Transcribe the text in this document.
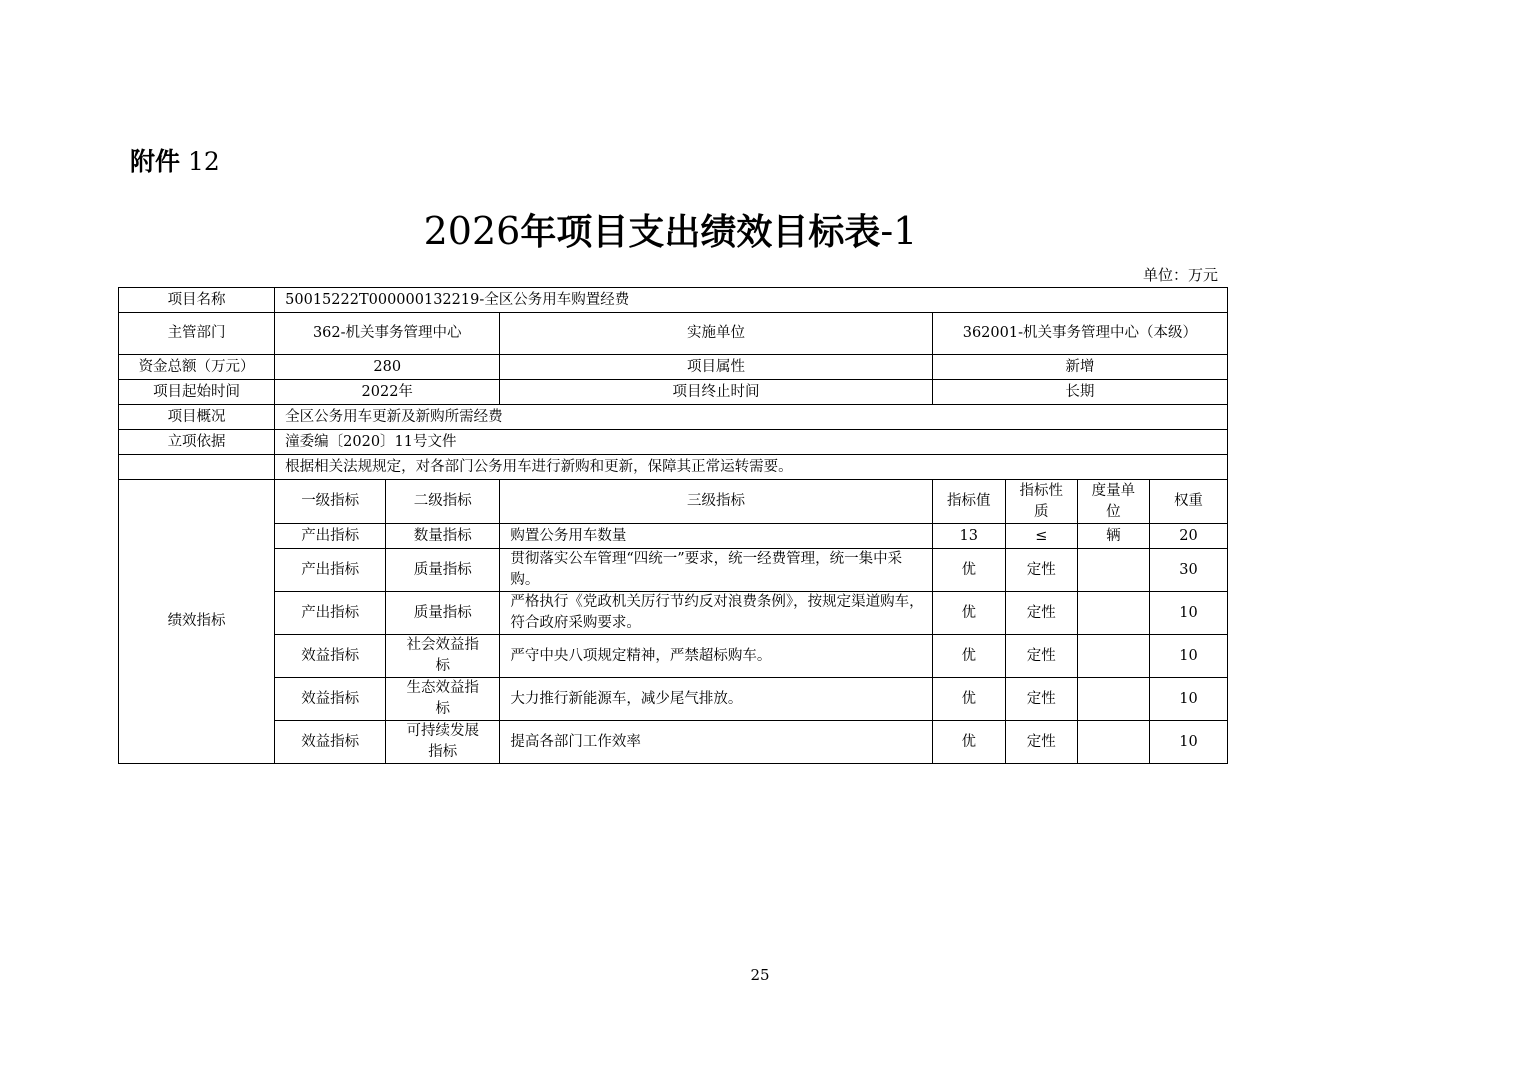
附件 12
2026年项目支出绩效目标表-1
单位：万元
项目名称	50015222T000000132219-全区公务用车购置经费						
主管部门	362-机关事务管理中心		实施单位	362001-机关事务管理中心（本级）			
资金总额（万元）	280		项目属性	新增			
项目起始时间	2022年		项目终止时间	长期			
项目概况	全区公务用车更新及新购所需经费						
立项依据	潼委编〔2020〕11号文件						
	根据相关法规规定，对各部门公务用车进行新购和更新，保障其正常运转需要。						
绩效指标	一级指标	二级指标	三级指标	指标值	指标性质	度量单位	权重
	产出指标	数量指标	购置公务用车数量	13	≤	辆	20
	产出指标	质量指标	贯彻落实公车管理“四统一”要求，统一经费管理，统一集中采购。	优	定性		30
	产出指标	质量指标	严格执行《党政机关厉行节约反对浪费条例》，按规定渠道购车，符合政府采购要求。	优	定性		10
	效益指标	社会效益指标	严守中央八项规定精神，严禁超标购车。	优	定性		10
	效益指标	生态效益指标	大力推行新能源车，减少尾气排放。	优	定性		10
	效益指标	可持续发展指标	提高各部门工作效率	优	定性		10
25
